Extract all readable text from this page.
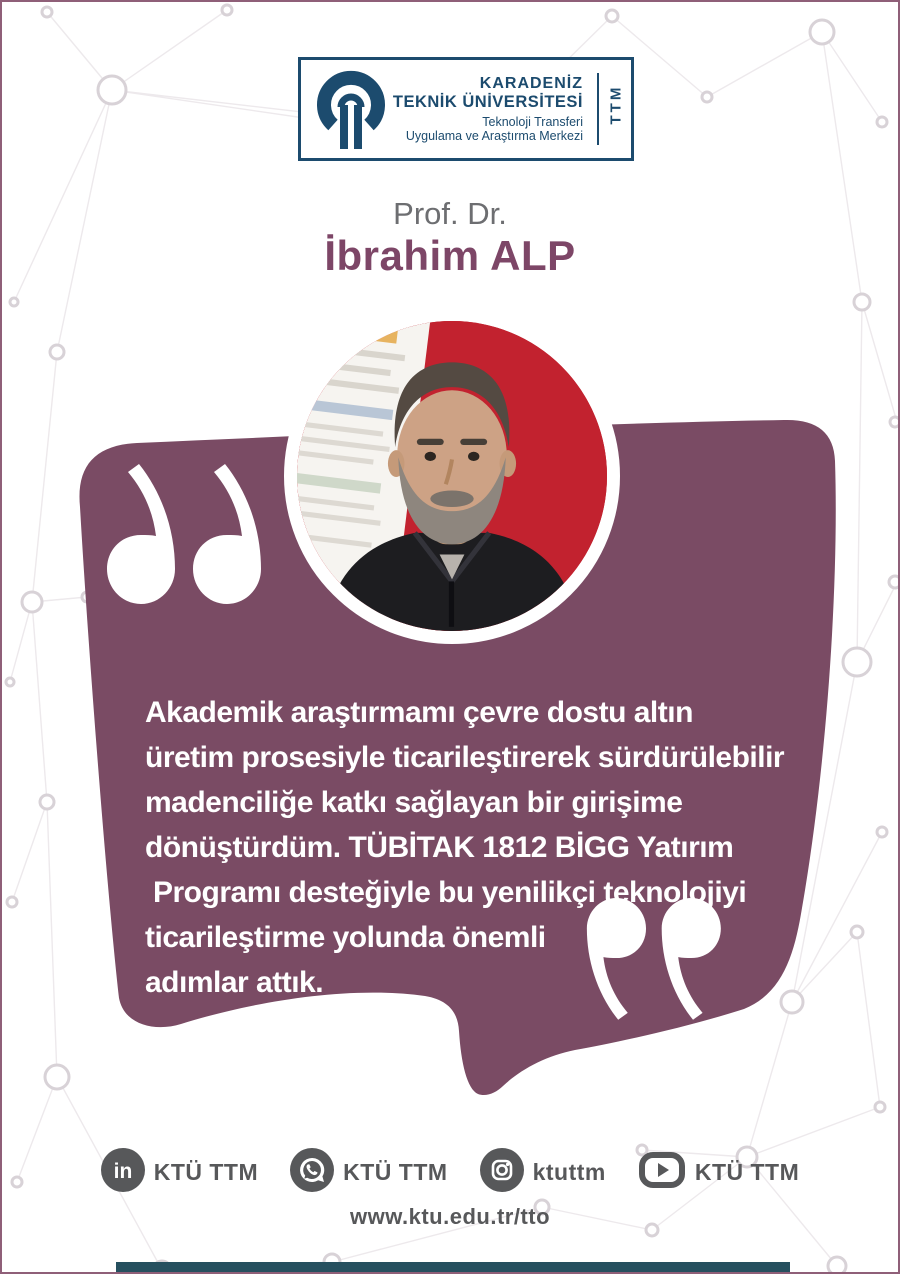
KARADENİZ
TEKNİK ÜNİVERSİTESİ
Teknoloji Transferi
Uygulama ve Araştırma Merkezi
TTM
Prof. Dr.
İbrahim ALP
Akademik araştırmamı çevre dostu altın
üretim prosesiyle ticarileştirerek sürdürülebilir
madenciliğe katkı sağlayan bir girişime
dönüştürdüm. TÜBİTAK 1812 BİGG Yatırım
Programı desteğiyle bu yenilikçi teknolojiyi
ticarileştirme yolunda önemli
adımlar attık.
in KTÜ TTM	KTÜ TTM	ktuttm	KTÜ TTM
www.ktu.edu.tr/tto
